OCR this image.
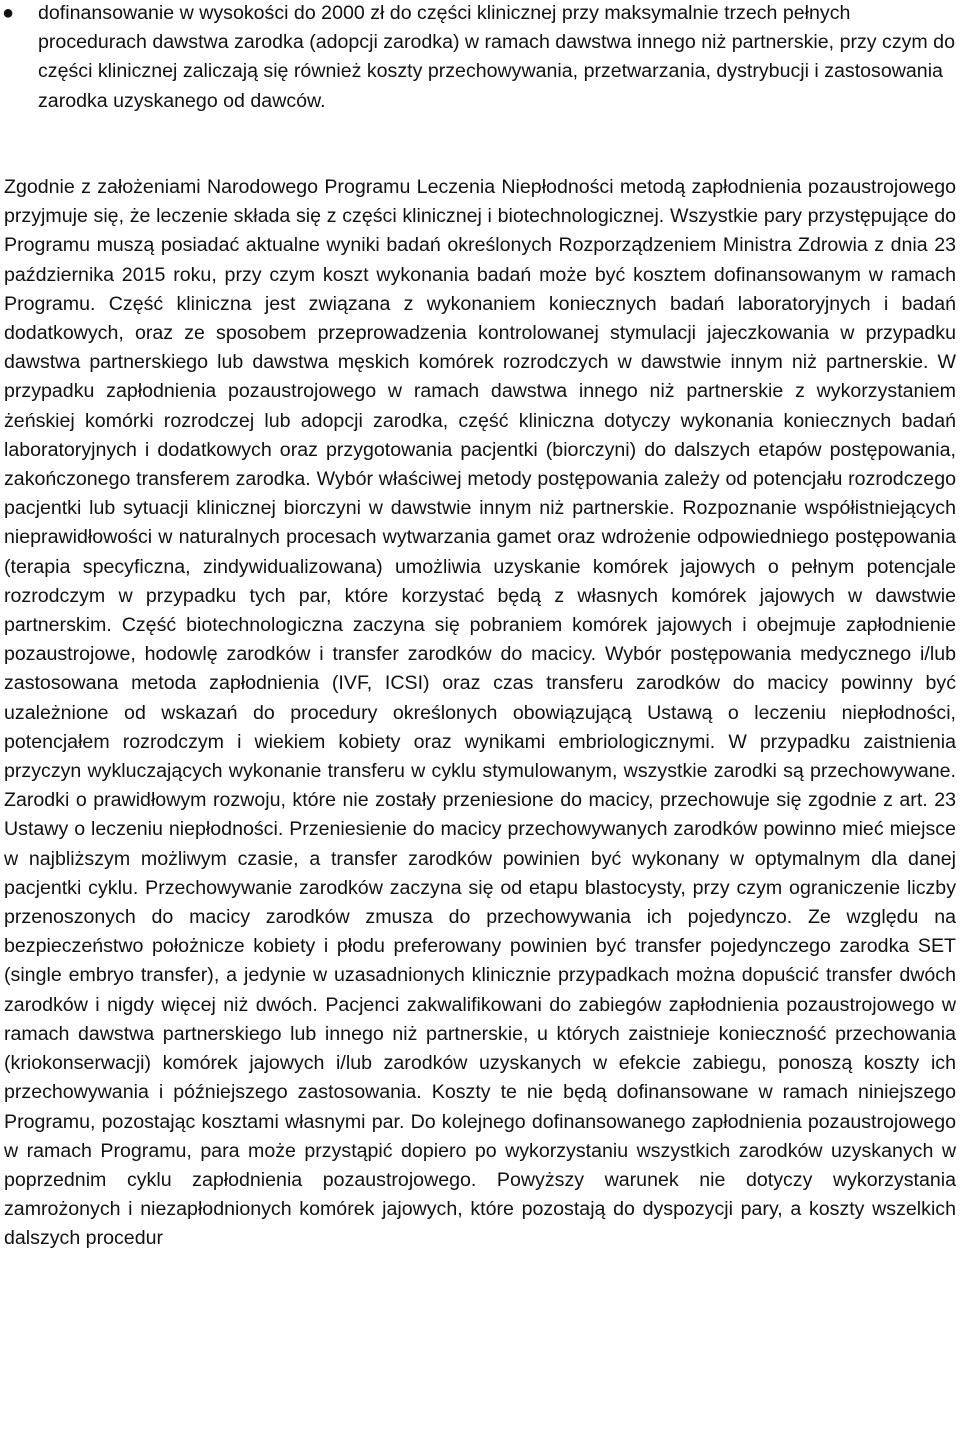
● dofinansowanie w wysokości do 2000 zł do części klinicznej przy maksymalnie trzech pełnych procedurach dawstwa zarodka (adopcji zarodka) w ramach dawstwa innego niż partnerskie, przy czym do części klinicznej zaliczają się również koszty przechowywania, przetwarzania, dystrybucji i zastosowania zarodka uzyskanego od dawców.

Zgodnie z założeniami Narodowego Programu Leczenia Niepłodności metodą zapłodnienia pozaustrojowego przyjmuje się, że leczenie składa się z części klinicznej i biotechnologicznej. Wszystkie pary przystępujące do Programu muszą posiadać aktualne wyniki badań określonych Rozporządzeniem Ministra Zdrowia z dnia 23 października 2015 roku, przy czym koszt wykonania badań może być kosztem dofinansowanym w ramach Programu. Część kliniczna jest związana z wykonaniem koniecznych badań laboratoryjnych i badań dodatkowych, oraz ze sposobem przeprowadzenia kontrolowanej stymulacji jajeczkowania w przypadku dawstwa partnerskiego lub dawstwa męskich komórek rozrodczych w dawstwie innym niż partnerskie. W przypadku zapłodnienia pozaustrojowego w ramach dawstwa innego niż partnerskie z wykorzystaniem żeńskiej komórki rozrodczej lub adopcji zarodka, część kliniczna dotyczy wykonania koniecznych badań laboratoryjnych i dodatkowych oraz przygotowania pacjentki (biorczyni) do dalszych etapów postępowania, zakończonego transferem zarodka. Wybór właściwej metody postępowania zależy od potencjału rozrodczego pacjentki lub sytuacji klinicznej biorczyni w dawstwie innym niż partnerskie. Rozpoznanie współistniejących nieprawidłowości w naturalnych procesach wytwarzania gamet oraz wdrożenie odpowiedniego postępowania (terapia specyficzna, zindywidualizowana) umożliwia uzyskanie komórek jajowych o pełnym potencjale rozrodczym w przypadku tych par, które korzystać będą z własnych komórek jajowych w dawstwie partnerskim. Część biotechnologiczna zaczyna się pobraniem komórek jajowych i obejmuje zapłodnienie pozaustrojowe, hodowlę zarodków i transfer zarodków do macicy. Wybór postępowania medycznego i/lub zastosowana metoda zapłodnienia (IVF, ICSI) oraz czas transferu zarodków do macicy powinny być uzależnione od wskazań do procedury określonych obowiązującą Ustawą o leczeniu niepłodności, potencjałem rozrodczym i wiekiem kobiety oraz wynikami embriologicznymi. W przypadku zaistnienia przyczyn wykluczających wykonanie transferu w cyklu stymulowanym, wszystkie zarodki są przechowywane. Zarodki o prawidłowym rozwoju, które nie zostały przeniesione do macicy, przechowuje się zgodnie z art. 23 Ustawy o leczeniu niepłodności. Przeniesienie do macicy przechowywanych zarodków powinno mieć miejsce w najbliższym możliwym czasie, a transfer zarodków powinien być wykonany w optymalnym dla danej pacjentki cyklu. Przechowywanie zarodków zaczyna się od etapu blastocysty, przy czym ograniczenie liczby przenoszonych do macicy zarodków zmusza do przechowywania ich pojedynczo. Ze względu na bezpieczeństwo położnicze kobiety i płodu preferowany powinien być transfer pojedynczego zarodka SET (single embryo transfer), a jedynie w uzasadnionych klinicznie przypadkach można dopuścić transfer dwóch zarodków i nigdy więcej niż dwóch. Pacjenci zakwalifikowani do zabiegów zapłodnienia pozaustrojowego w ramach dawstwa partnerskiego lub innego niż partnerskie, u których zaistnieje konieczność przechowania (kriokonserwacji) komórek jajowych i/lub zarodków uzyskanych w efekcie zabiegu, ponoszą koszty ich przechowywania i późniejszego zastosowania. Koszty te nie będą dofinansowane w ramach niniejszego Programu, pozostając kosztami własnymi par. Do kolejnego dofinansowanego zapłodnienia pozaustrojowego w ramach Programu, para może przystąpić dopiero po wykorzystaniu wszystkich zarodków uzyskanych w poprzednim cyklu zapłodnienia pozaustrojowego. Powyższy warunek nie dotyczy wykorzystania zamrożonych i niezapłodnionych komórek jajowych, które pozostają do dyspozycji pary, a koszty wszelkich dalszych procedur
